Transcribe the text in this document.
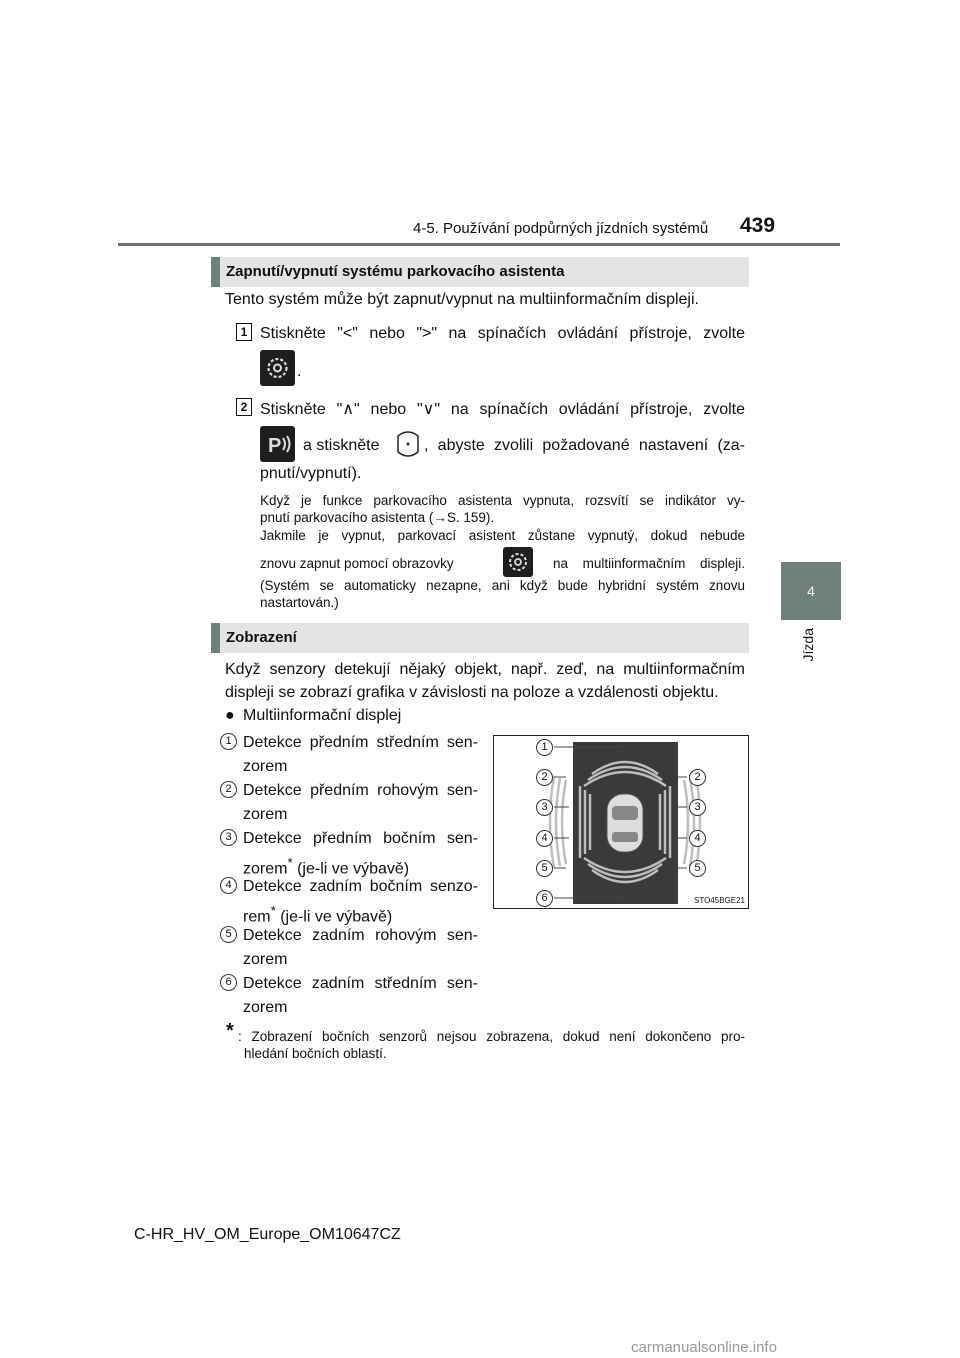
4-5. Používání podpůrných jízdních systémů 439
4
Jízda
Zapnutí/vypnutí systému parkovacího asistenta
Tento systém může být zapnut/vypnut na multiinformačním displeji.
1 Stiskněte "<" nebo ">" na spínačích ovládání přístroje, zvolte
.
2 Stiskněte "∧" nebo "∨" na spínačích ovládání přístroje, zvolte
P a stiskněte	, abyste zvolili požadované nastavení (za-
pnutí/vypnutí).
Když je funkce parkovacího asistenta vypnuta, rozsvítí se indikátor vy-
pnutí parkovacího asistenta (→S. 159).
Jakmile je vypnut, parkovací asistent zůstane vypnutý, dokud nebude
znovu zapnut pomocí obrazovky	na multiinformačním displeji.
(Systém se automaticky nezapne, ani když bude hybridní systém znovu
nastartován.)
Zobrazení
Když senzory detekují nějaký objekt, např. zeď, na multiinformačním
displeji se zobrazí grafika v závislosti na poloze a vzdálenosti objektu.
● Multiinformační displej
1 Detekce předním středním sen-
zorem
2 Detekce předním rohovým sen-
zorem
3 Detekce předním bočním sen-
zorem* (je-li ve výbavě)
4 Detekce zadním bočním senzo-
rem* (je-li ve výbavě)
5 Detekce zadním rohovým sen-
zorem
6 Detekce zadním středním sen-
zorem
1
2
3
4
5
6
2
3
4
5
STO45BGE21
* : Zobrazení bočních senzorů nejsou zobrazena, dokud není dokončeno pro-
hledání bočních oblastí.
C-HR_HV_OM_Europe_OM10647CZ
carmanualsonline.info
